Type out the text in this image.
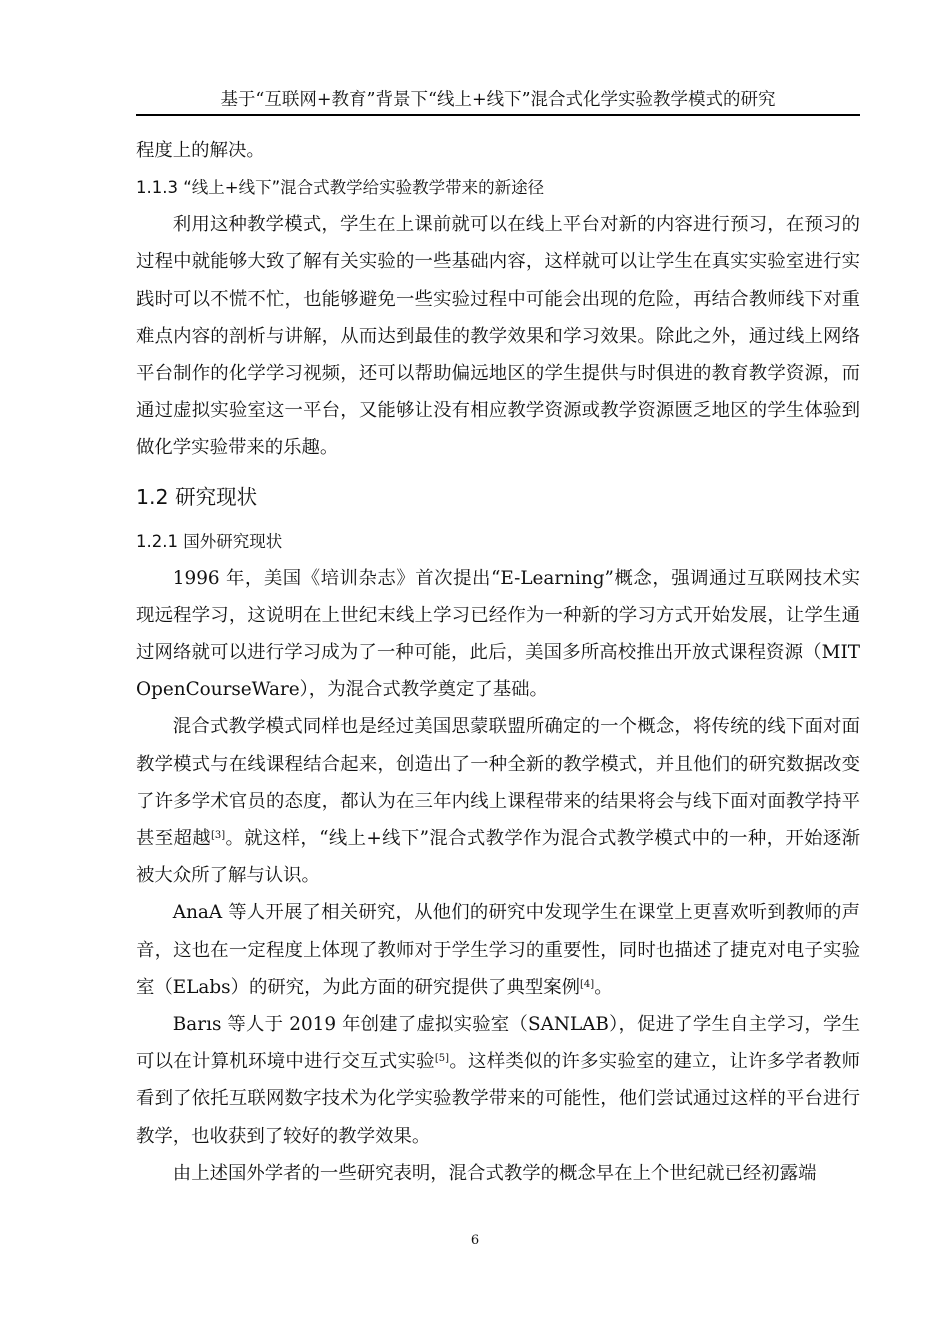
基于“互联网+教育”背景下“线上+线下”混合式化学实验教学模式的研究

程度上的解决。

1.1.3 “线上+线下”混合式教学给实验教学带来的新途径

利用这种教学模式，学生在上课前就可以在线上平台对新的内容进行预习，在预习的过程中就能够大致了解有关实验的一些基础内容，这样就可以让学生在真实实验室进行实践时可以不慌不忙，也能够避免一些实验过程中可能会出现的危险，再结合教师线下对重难点内容的剖析与讲解，从而达到最佳的教学效果和学习效果。除此之外，通过线上网络平台制作的化学学习视频，还可以帮助偏远地区的学生提供与时俱进的教育教学资源，而通过虚拟实验室这一平台，又能够让没有相应教学资源或教学资源匮乏地区的学生体验到做化学实验带来的乐趣。

1.2 研究现状
1.2.1 国外研究现状

1996 年，美国《培训杂志》首次提出“E-Learning”概念，强调通过互联网技术实现远程学习，这说明在上世纪末线上学习已经作为一种新的学习方式开始发展，让学生通过网络就可以进行学习成为了一种可能，此后，美国多所高校推出开放式课程资源（MIT OpenCourseWare），为混合式教学奠定了基础。

混合式教学模式同样也是经过美国思蒙联盟所确定的一个概念，将传统的线下面对面教学模式与在线课程结合起来，创造出了一种全新的教学模式，并且他们的研究数据改变了许多学术官员的态度，都认为在三年内线上课程带来的结果将会与线下面对面教学持平甚至超越[3]。就这样，“线上+线下”混合式教学作为混合式教学模式中的一种，开始逐渐被大众所了解与认识。

AnaA 等人开展了相关研究，从他们的研究中发现学生在课堂上更喜欢听到教师的声音，这也在一定程度上体现了教师对于学生学习的重要性，同时也描述了捷克对电子实验室（ELabs）的研究，为此方面的研究提供了典型案例[4]。

Barıs 等人于 2019 年创建了虚拟实验室（SANLAB），促进了学生自主学习，学生可以在计算机环境中进行交互式实验[5]。这样类似的许多实验室的建立，让许多学者教师看到了依托互联网数字技术为化学实验教学带来的可能性，他们尝试通过这样的平台进行教学，也收获到了较好的教学效果。

由上述国外学者的一些研究表明，混合式教学的概念早在上个世纪就已经初露端

6
